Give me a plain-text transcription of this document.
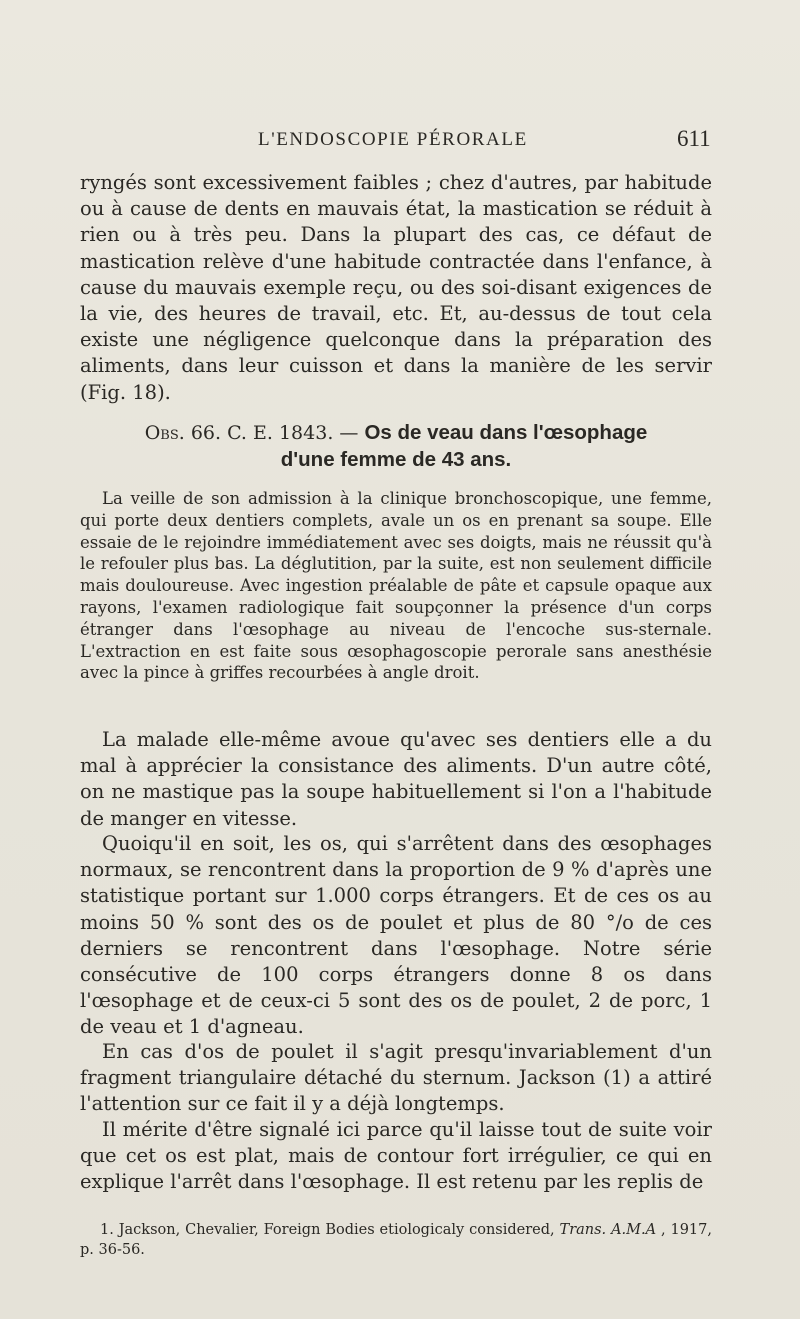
L'ENDOSCOPIE PÉRORALE	611

ryngés sont excessivement faibles ; chez d'autres, par habitude ou à cause de dents en mauvais état, la mastication se réduit à rien ou à très peu. Dans la plupart des cas, ce défaut de mastication relève d'une habitude contractée dans l'enfance, à cause du mauvais exemple reçu, ou des soi-disant exigences de la vie, des heures de travail, etc. Et, au-dessus de tout cela existe une négligence quelconque dans la préparation des aliments, dans leur cuisson et dans la manière de les servir (Fig. 18).

Obs. 66. C. E. 1843. — Os de veau dans l'œsophage
d'une femme de 43 ans.

La veille de son admission à la clinique bronchoscopique, une femme, qui porte deux dentiers complets, avale un os en prenant sa soupe. Elle essaie de le rejoindre immédiatement avec ses doigts, mais ne réussit qu'à le refouler plus bas. La déglutition, par la suite, est non seulement difficile mais douloureuse. Avec ingestion préalable de pâte et capsule opaque aux rayons, l'examen radiologique fait soupçonner la présence d'un corps étranger dans l'œsophage au niveau de l'encoche sus-sternale. L'extraction en est faite sous œsophagoscopie perorale sans anesthésie avec la pince à griffes recourbées à angle droit.

La malade elle-même avoue qu'avec ses dentiers elle a du mal à apprécier la consistance des aliments. D'un autre côté, on ne mastique pas la soupe habituellement si l'on a l'habitude de manger en vitesse.

Quoiqu'il en soit, les os, qui s'arrêtent dans des œsophages normaux, se rencontrent dans la proportion de 9 % d'après une statistique portant sur 1.000 corps étrangers. Et de ces os au moins 50 % sont des os de poulet et plus de 80 °/o de ces derniers se rencontrent dans l'œsophage. Notre série consécutive de 100 corps étrangers donne 8 os dans l'œsophage et de ceux-ci 5 sont des os de poulet, 2 de porc, 1 de veau et 1 d'agneau.

En cas d'os de poulet il s'agit presqu'invariablement d'un fragment triangulaire détaché du sternum. Jackson (1) a attiré l'attention sur ce fait il y a déjà longtemps.

Il mérite d'être signalé ici parce qu'il laisse tout de suite voir que cet os est plat, mais de contour fort irrégulier, ce qui en explique l'arrêt dans l'œsophage. Il est retenu par les replis de

1. Jackson, Chevalier, Foreign Bodies etiologicaly considered, Trans. A.M.A , 1917, p. 36-56.
